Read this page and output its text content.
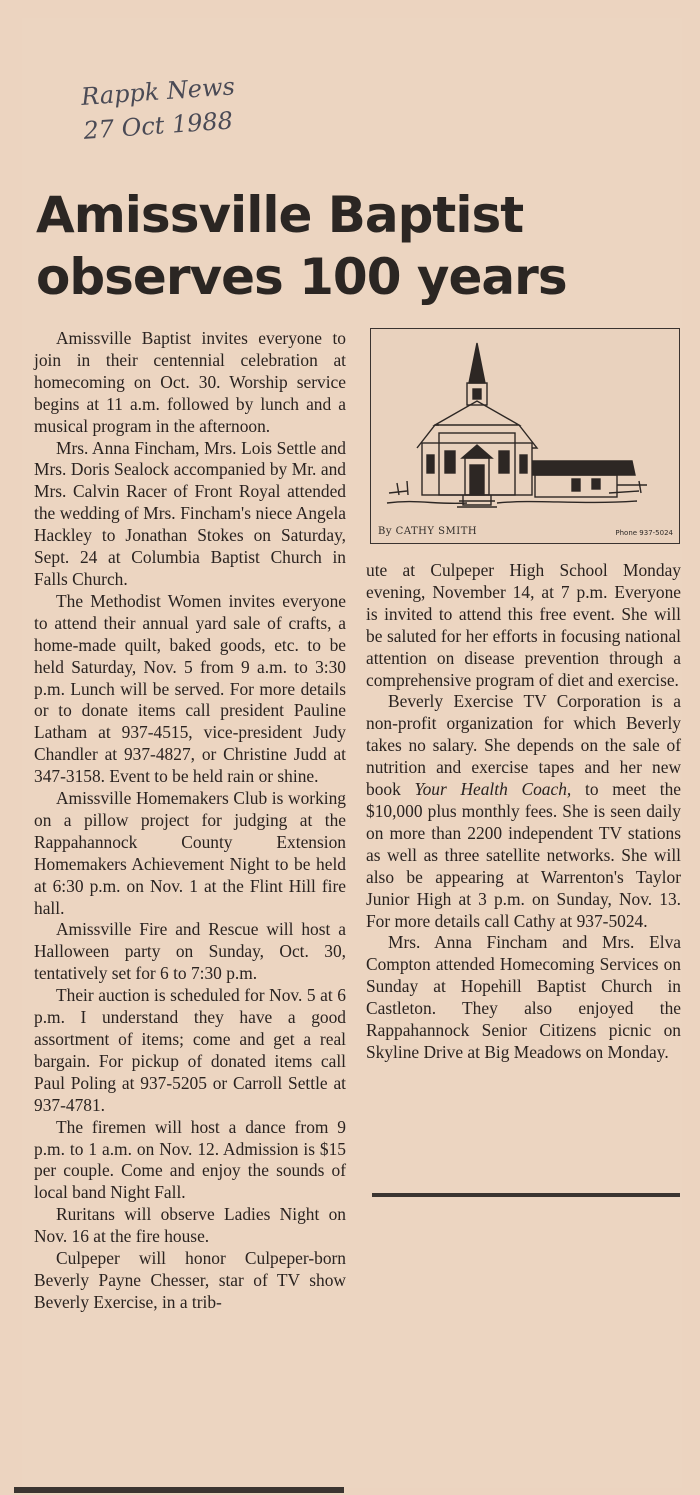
Rappk News
27 Oct 1988
Amissville Baptist
observes 100 years

Amissville Baptist invites everyone to join in their centennial celebration at homecoming on Oct. 30. Worship service begins at 11 a.m. followed by lunch and a musical program in the afternoon.

Mrs. Anna Fincham, Mrs. Lois Settle and Mrs. Doris Sealock accompanied by Mr. and Mrs. Calvin Racer of Front Royal attended the wedding of Mrs. Fincham's niece Angela Hackley to Jonathan Stokes on Saturday, Sept. 24 at Columbia Baptist Church in Falls Church.

The Methodist Women invites everyone to attend their annual yard sale of crafts, a home-made quilt, baked goods, etc. to be held Saturday, Nov. 5 from 9 a.m. to 3:30 p.m. Lunch will be served. For more details or to donate items call president Pauline Latham at 937-4515, vice-president Judy Chandler at 937-4827, or Christine Judd at 347-3158. Event to be held rain or shine.

Amissville Homemakers Club is working on a pillow project for judging at the Rappahannock County Extension Homemakers Achievement Night to be held at 6:30 p.m. on Nov. 1 at the Flint Hill fire hall.

Amissville Fire and Rescue will host a Halloween party on Sunday, Oct. 30, tentatively set for 6 to 7:30 p.m.

Their auction is scheduled for Nov. 5 at 6 p.m. I understand they have a good assortment of items; come and get a real bargain. For pickup of donated items call Paul Poling at 937-5205 or Carroll Settle at 937-4781.

The firemen will host a dance from 9 p.m. to 1 a.m. on Nov. 12. Admission is $15 per couple. Come and enjoy the sounds of local band Night Fall.

Ruritans will observe Ladies Night on Nov. 16 at the fire house.

Culpeper will honor Culpeper-born Beverly Payne Chesser, star of TV show Beverly Exercise, in a trib-

By CATHY SMITH	Phone 937-5024

ute at Culpeper High School Monday evening, November 14, at 7 p.m. Everyone is invited to attend this free event. She will be saluted for her efforts in focusing national attention on disease prevention through a comprehensive program of diet and exercise.

Beverly Exercise TV Corporation is a non-profit organization for which Beverly takes no salary. She depends on the sale of nutrition and exercise tapes and her new book Your Health Coach, to meet the $10,000 plus monthly fees. She is seen daily on more than 2200 independent TV stations as well as three satellite networks. She will also be appearing at Warrenton's Taylor Junior High at 3 p.m. on Sunday, Nov. 13. For more details call Cathy at 937-5024.

Mrs. Anna Fincham and Mrs. Elva Compton attended Homecoming Services on Sunday at Hopehill Baptist Church in Castleton. They also enjoyed the Rappahannock Senior Citizens picnic on Skyline Drive at Big Meadows on Monday.
